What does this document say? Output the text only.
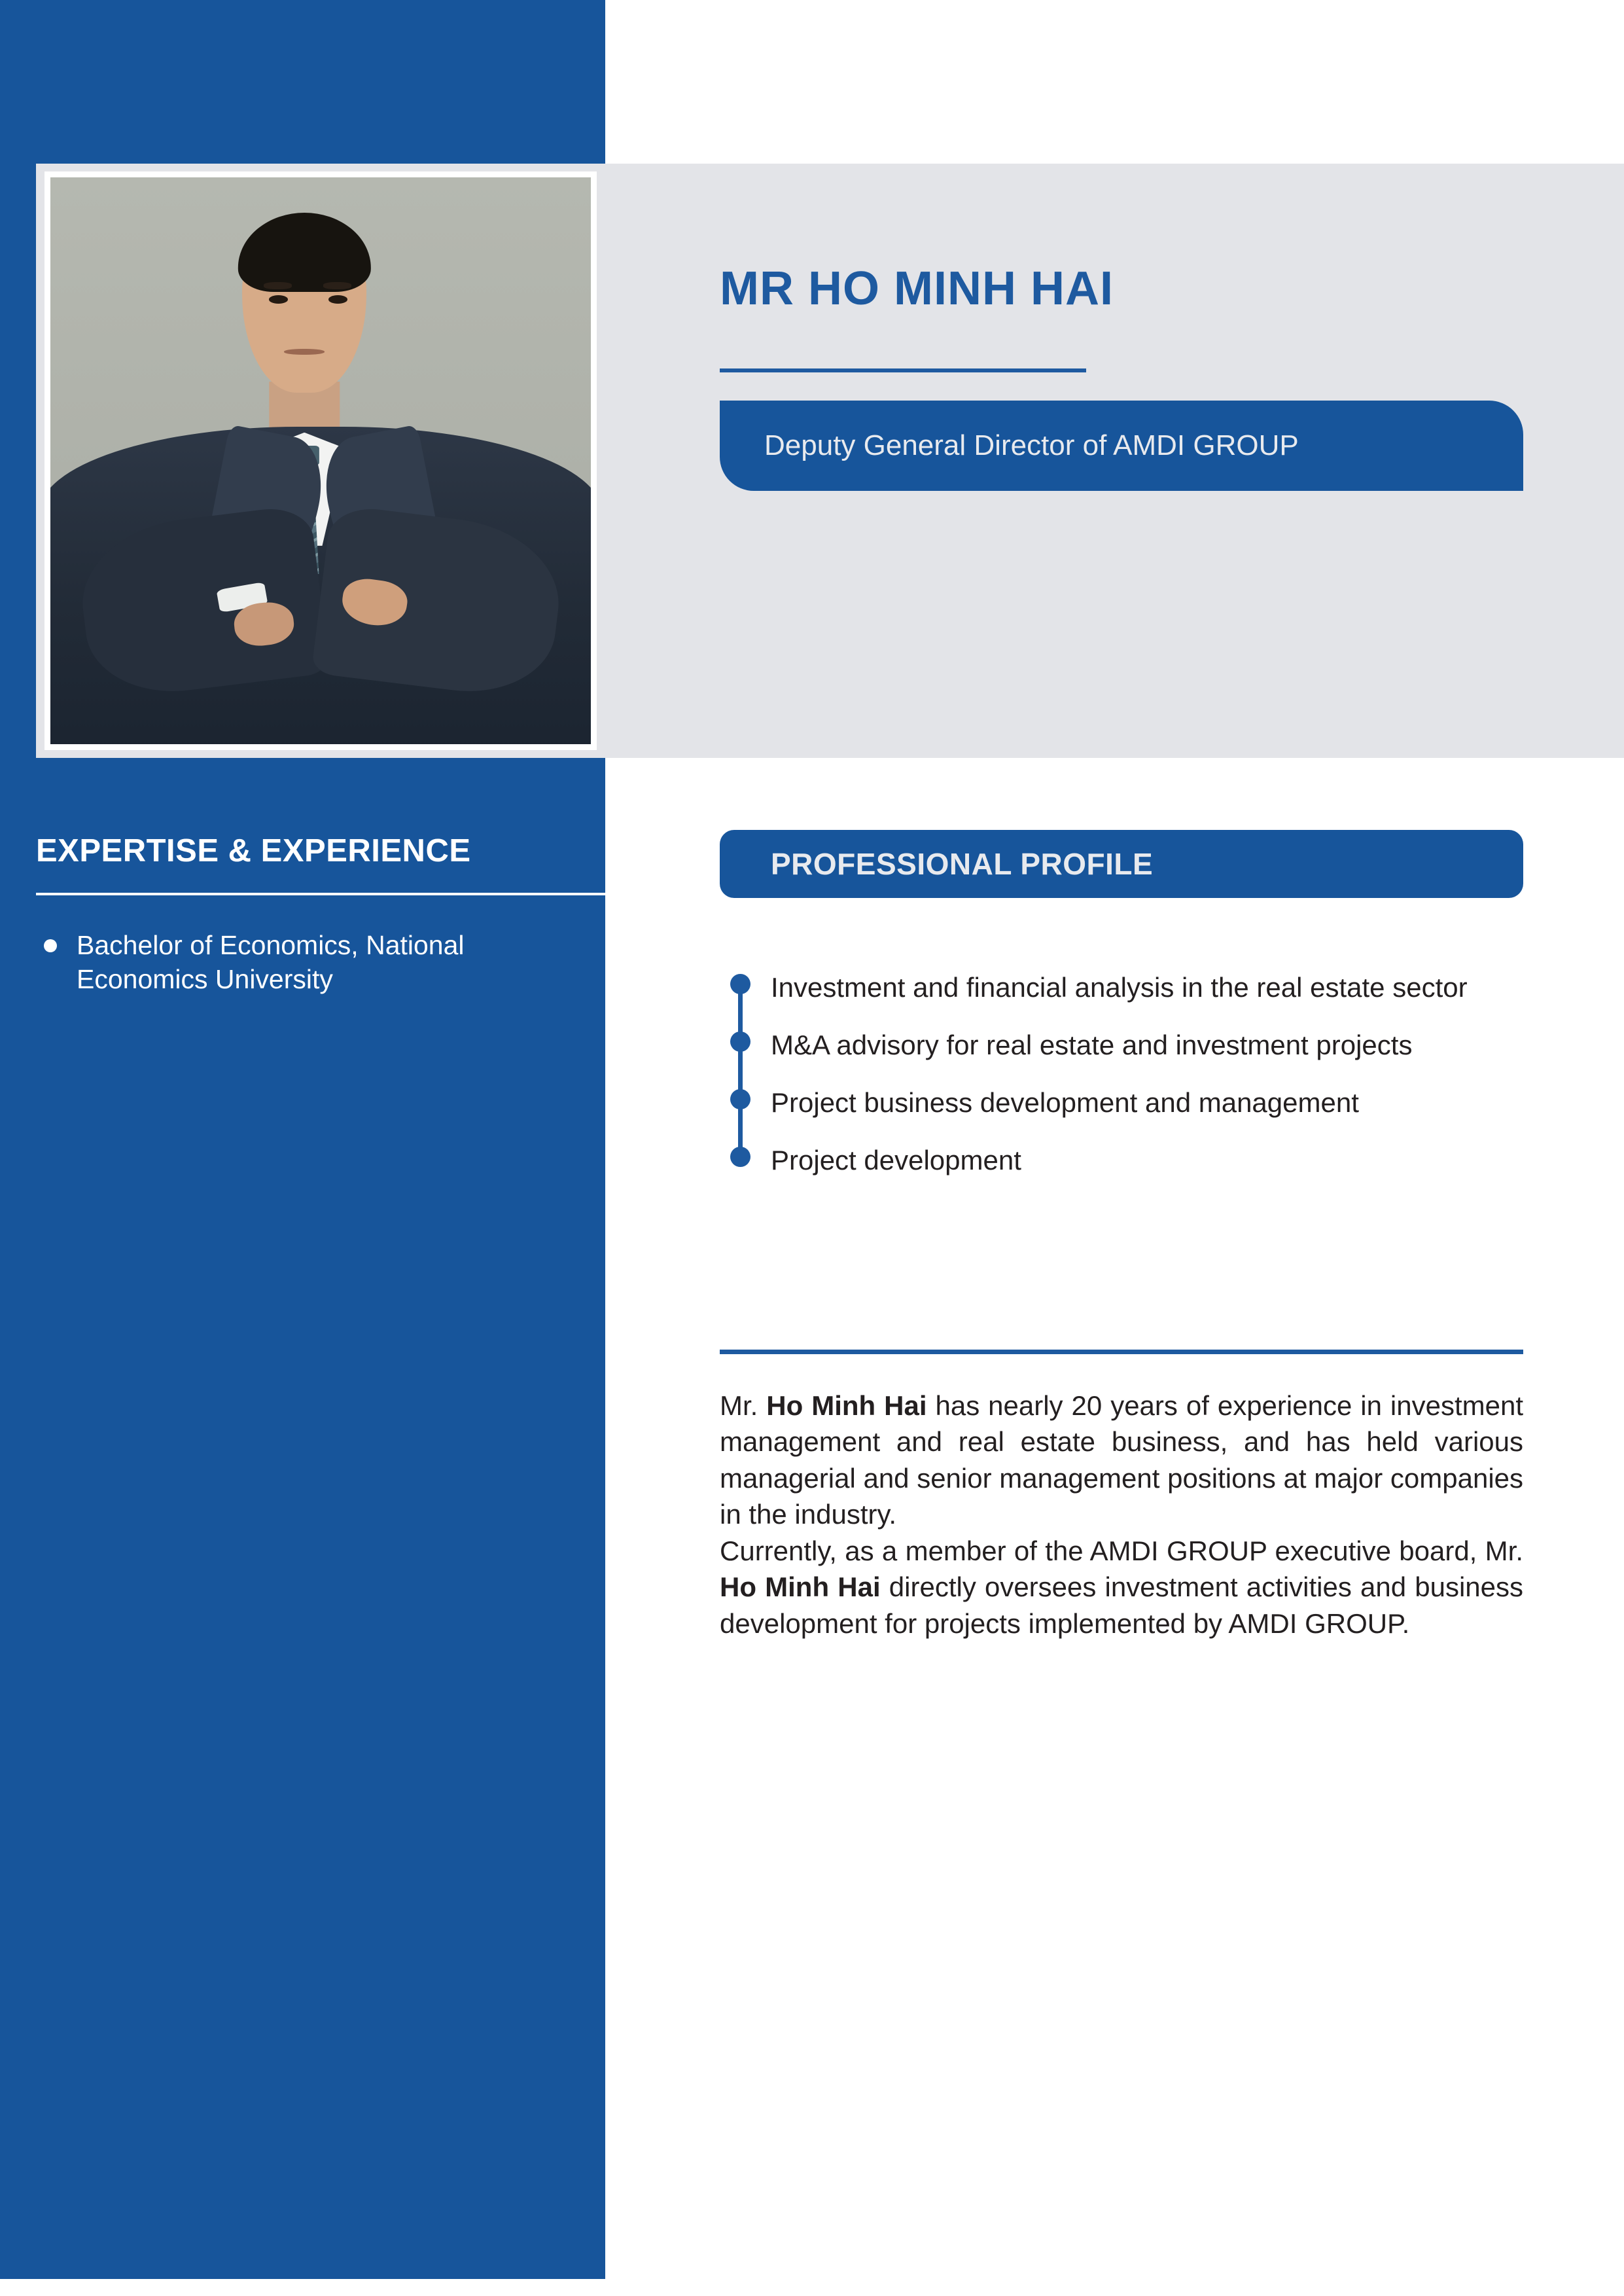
MR HO MINH HAI
Deputy General Director of AMDI GROUP
EXPERTISE & EXPERIENCE
Bachelor of Economics, National Economics University
PROFESSIONAL PROFILE
Investment and financial analysis in the real estate sector
M&A advisory for real estate and investment projects
Project business development and management
Project development

Mr. Ho Minh Hai has nearly 20 years of experience in investment management and real estate business, and has held various managerial and senior management positions at major companies in the industry.

Currently, as a member of the AMDI GROUP executive board, Mr. Ho Minh Hai directly oversees investment activities and business development for projects implemented by AMDI GROUP.
